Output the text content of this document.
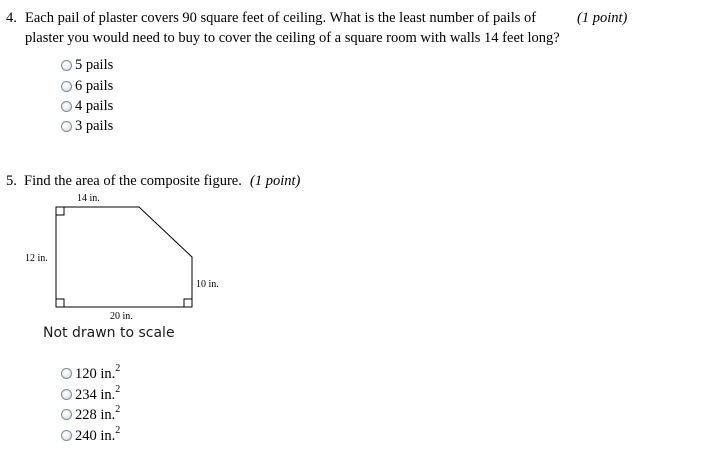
4. Each pail of plaster covers 90 square feet of ceiling. What is the least number of pails of
plaster you would need to buy to cover the ceiling of a square room with walls 14 feet long?
(1 point)
5 pails
6 pails
4 pails
3 pails
5. Find the area of the composite figure. (1 point)
14 in.
12 in.
10 in.
20 in.
Not drawn to scale
120 in.$^2$
234 in.$^2$
228 in.$^2$
240 in.$^2$
